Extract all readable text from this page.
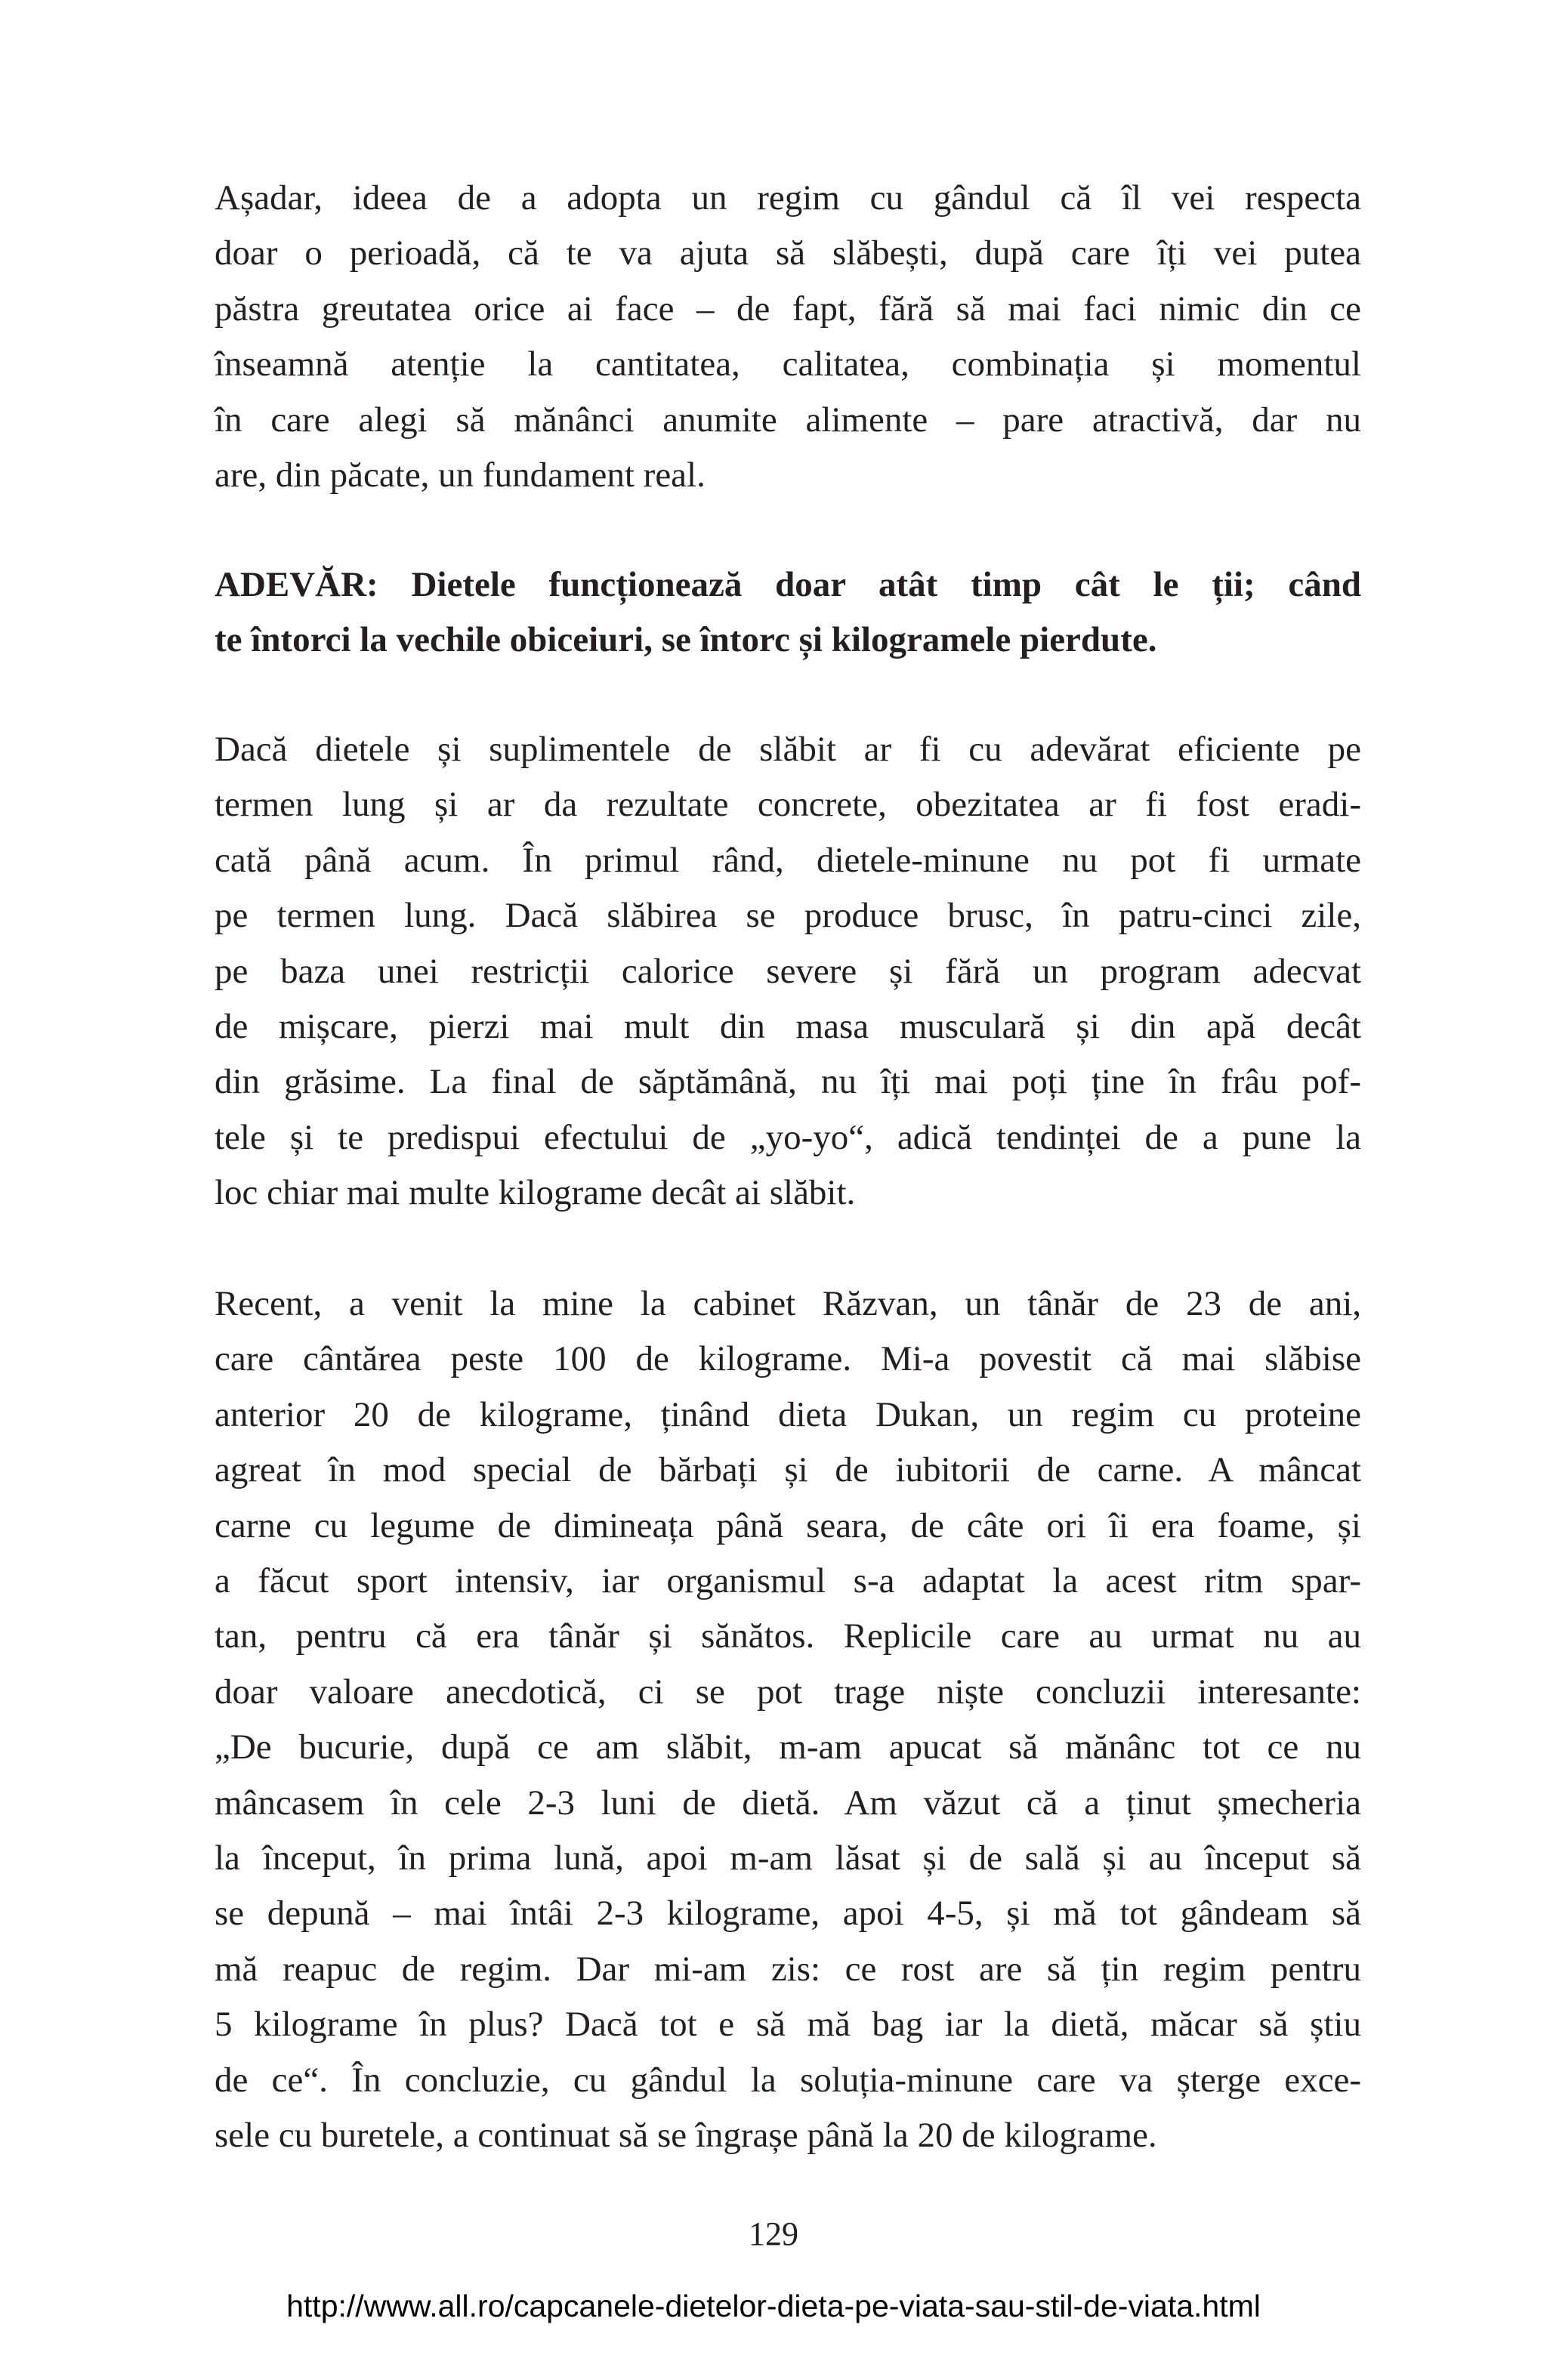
Așadar, ideea de a adopta un regim cu gândul că îl vei respecta
doar o perioadă, că te va ajuta să slăbești, după care îți vei putea
păstra greutatea orice ai face – de fapt, fără să mai faci nimic din ce
înseamnă atenție la cantitatea, calitatea, combinația și momentul
în care alegi să mănânci anumite alimente – pare atractivă, dar nu
are, din păcate, un fundament real.

ADEVĂR: Dietele funcționează doar atât timp cât le ții; când
te întorci la vechile obiceiuri, se întorc și kilogramele pierdute.

Dacă dietele și suplimentele de slăbit ar fi cu adevărat eficiente pe
termen lung și ar da rezultate concrete, obezitatea ar fi fost eradi-
cată până acum. În primul rând, dietele-minune nu pot fi urmate
pe termen lung. Dacă slăbirea se produce brusc, în patru-cinci zile,
pe baza unei restricții calorice severe și fără un program adecvat
de mișcare, pierzi mai mult din masa musculară și din apă decât
din grăsime. La final de săptămână, nu îți mai poți ține în frâu pof-
tele și te predispui efectului de „yo-yo“, adică tendinței de a pune la
loc chiar mai multe kilograme decât ai slăbit.

Recent, a venit la mine la cabinet Răzvan, un tânăr de 23 de ani,
care cântărea peste 100 de kilograme. Mi-a povestit că mai slăbise
anterior 20 de kilograme, ținând dieta Dukan, un regim cu proteine
agreat în mod special de bărbați și de iubitorii de carne. A mâncat
carne cu legume de dimineața până seara, de câte ori îi era foame, și
a făcut sport intensiv, iar organismul s-a adaptat la acest ritm spar-
tan, pentru că era tânăr și sănătos. Replicile care au urmat nu au
doar valoare anecdotică, ci se pot trage niște concluzii interesante:
„De bucurie, după ce am slăbit, m-am apucat să mănânc tot ce nu
mâncasem în cele 2-3 luni de dietă. Am văzut că a ținut șmecheria
la început, în prima lună, apoi m-am lăsat și de sală și au început să
se depună – mai întâi 2-3 kilograme, apoi 4-5, și mă tot gândeam să
mă reapuc de regim. Dar mi-am zis: ce rost are să țin regim pentru
5 kilograme în plus? Dacă tot e să mă bag iar la dietă, măcar să știu
de ce“. În concluzie, cu gândul la soluția-minune care va șterge exce-
sele cu buretele, a continuat să se îngrașe până la 20 de kilograme.

129
http://www.all.ro/capcanele-dietelor-dieta-pe-viata-sau-stil-de-viata.html
